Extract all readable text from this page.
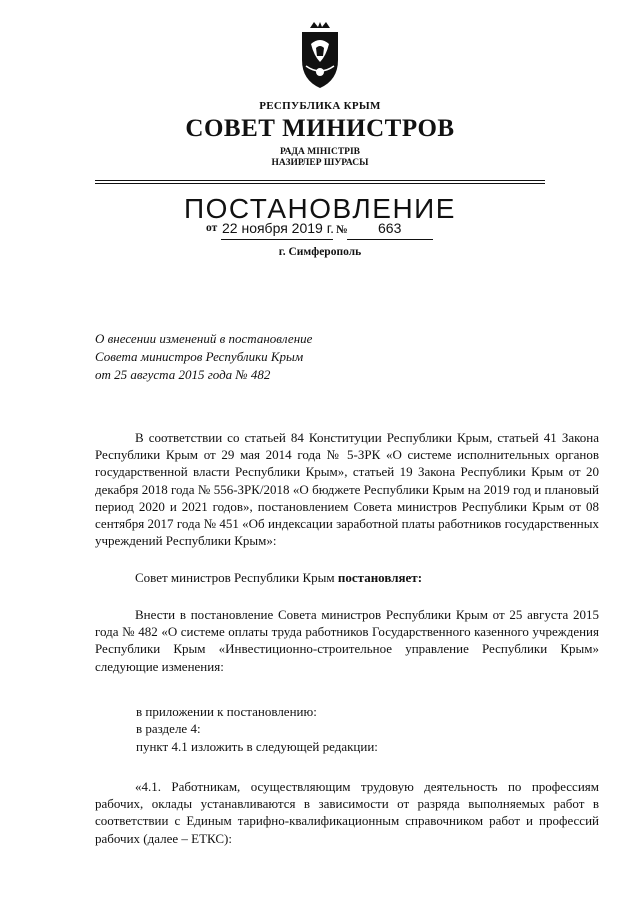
РЕСПУБЛИКА КРЫМ
СОВЕТ МИНИСТРОВ
РАДА МІНІСТРІВ
НАЗИРЛЕР ШУРАСЫ
ПОСТАНОВЛЕНИЕ
от 22 ноября 2019 г. № 663
г. Симферополь
О внесении изменений в постановление
Совета министров Республики Крым
от 25 августа 2015 года № 482

В соответствии со статьей 84 Конституции Республики Крым, статьей 41 Закона Республики Крым от 29 мая 2014 года № 5-ЗРК «О системе исполнительных органов государственной власти Республики Крым», статьей 19 Закона Республики Крым от 20 декабря 2018 года № 556-ЗРК/2018 «О бюджете Республики Крым на 2019 год и плановый период 2020 и 2021 годов», постановлением Совета министров Республики Крым от 08 сентября 2017 года № 451 «Об индексации заработной платы работников государственных учреждений Республики Крым»:

Совет министров Республики Крым постановляет:

Внести в постановление Совета министров Республики Крым от 25 августа 2015 года № 482 «О системе оплаты труда работников Государственного казенного учреждения Республики Крым «Инвестиционно-строительное управление Республики Крым» следующие изменения:

в приложении к постановлению:
в разделе 4:
пункт 4.1 изложить в следующей редакции:

«4.1. Работникам, осуществляющим трудовую деятельность по профессиям рабочих, оклады устанавливаются в зависимости от разряда выполняемых работ в соответствии с Единым тарифно-квалификационным справочником работ и профессий рабочих (далее – ЕТКС):
